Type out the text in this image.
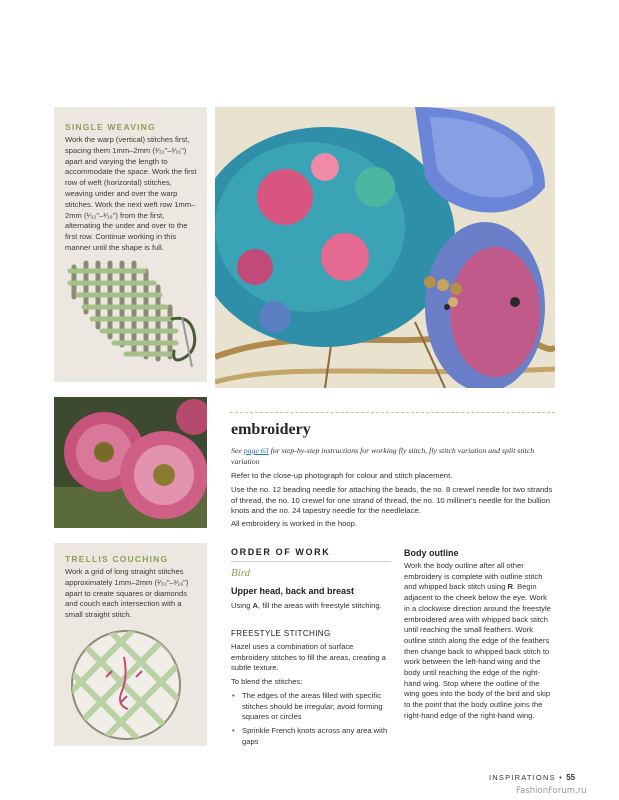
SINGLE WEAVING
Work the warp (vertical) stitches first, spacing them 1mm–2mm (¹⁄₃₂"–¹⁄₁₆") apart and varying the length to accommodate the space. Work the first row of weft (horizontal) stitches, weaving under and over the warp stitches. Work the next weft row 1mm–2mm (¹⁄₃₂"–¹⁄₁₆") from the first, alternating the under and over to the first row. Continue working in this manner until the shape is full.
TRELLIS COUCHING
Work a grid of long straight stitches approximately 1mm–2mm (¹⁄₃₂"–¹⁄₁₆") apart to create squares or diamonds and couch each intersection with a small straight stitch.
embroidery
See page 63 for step-by-step instructions for working fly stitch, fly stitch variation and split stitch variation
Refer to the close-up photograph for colour and stitch placement.
Use the no. 12 beading needle for attaching the beads, the no. 8 crewel needle for two strands of thread, the no. 10 crewel for one strand of thread, the no. 10 milliner's needle for the bullion knots and the no. 24 tapestry needle for the needlelace.
All embroidery is worked in the hoop.
ORDER OF WORK
Bird
Upper head, back and breast
Using A, fill the areas with freestyle stitching.
FREESTYLE STITCHING
Hazel uses a combination of surface embroidery stitches to fill the areas, creating a subtle texture.
To blend the stitches:
• The edges of the areas filled with specific stitches should be irregular; avoid forming squares or circles
• Sprinkle French knots across any area with gaps
Body outline
Work the body outline after all other embroidery is complete with outline stitch and whipped back stitch using R. Begin adjacent to the cheek below the eye. Work in a clockwise direction around the freestyle embroidered area with whipped back stitch until reaching the small feathers. Work outline stitch along the edge of the feathers then change back to whipped back stitch to work between the left-hand wing and the body until reaching the edge of the right-hand wing. Stop where the outline of the wing goes into the body of the bird and skip to the point that the body outline joins the right-hand edge of the right-hand wing.
INSPIRATIONS • 55
FashionForum.ru
